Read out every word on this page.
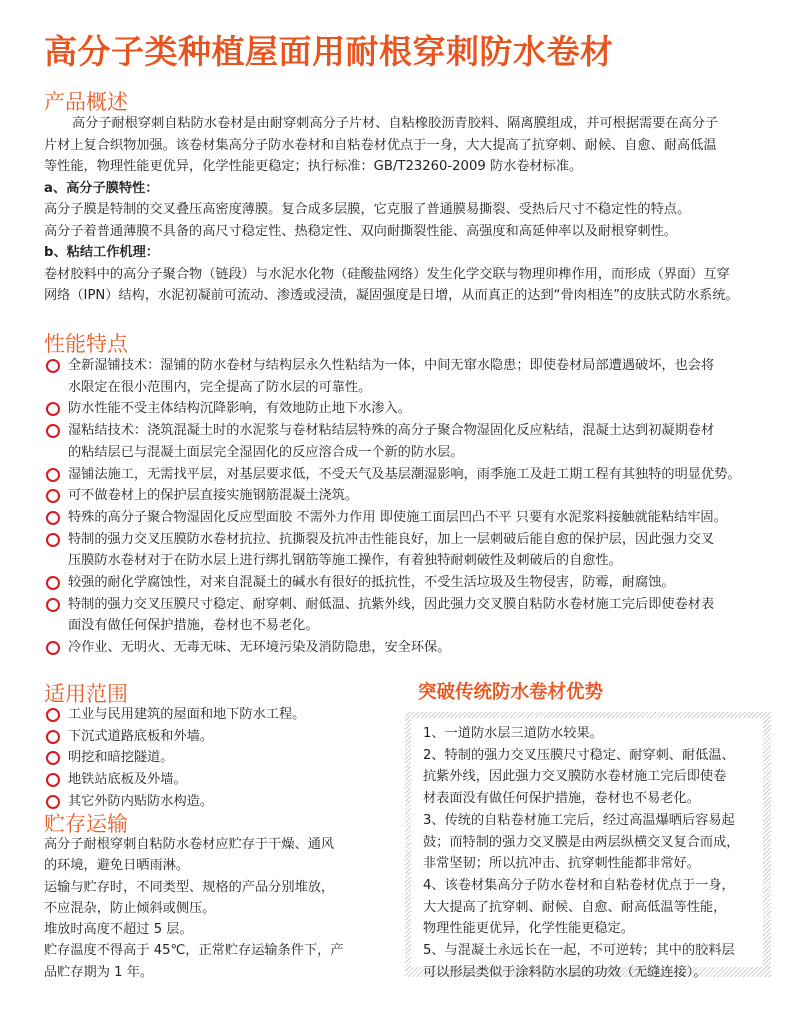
高分子类种植屋面用耐根穿刺防水卷材
产品概述

高分子耐根穿刺自粘防水卷材是由耐穿刺高分子片材、自粘橡胶沥青胶料、隔离膜组成，并可根据需要在高分子

片材上复合织物加强。该卷材集高分子防水卷材和自粘卷材优点于一身，大大提高了抗穿刺、耐候、自愈、耐高低温

等性能，物理性能更优异，化学性能更稳定；执行标准：GB/T23260-2009 防水卷材标准。

a、高分子膜特性：

高分子膜是特制的交叉叠压高密度薄膜。复合成多层膜，它克服了普通膜易撕裂、受热后尺寸不稳定性的特点。

高分子着普通薄膜不具备的高尺寸稳定性、热稳定性、双向耐撕裂性能、高强度和高延伸率以及耐根穿刺性。

b、粘结工作机理：

卷材胶料中的高分子聚合物（链段）与水泥水化物（硅酸盐网络）发生化学交联与物理卯榫作用，而形成（界面）互穿

网络（IPN）结构，水泥初凝前可流动、渗透或浸渍，凝固强度是日增，从而真正的达到“骨肉相连”的皮肤式防水系统。

性能特点
全新湿铺技术：湿铺的防水卷材与结构层永久性粘结为一体，中间无窜水隐患；即使卷材局部遭遇破坏，也会将
水限定在很小范围内，完全提高了防水层的可靠性。
防水性能不受主体结构沉降影响，有效地防止地下水渗入。
湿粘结技术：浇筑混凝土时的水泥浆与卷材粘结层特殊的高分子聚合物湿固化反应粘结，混凝土达到初凝期卷材
的粘结层已与混凝土面层完全湿固化的反应溶合成一个新的防水层。
湿铺法施工，无需找平层，对基层要求低，不受天气及基层潮湿影响，雨季施工及赶工期工程有其独特的明显优势。
可不做卷材上的保护层直接实施钢筋混凝土浇筑。
特殊的高分子聚合物湿固化反应型面胶 不需外力作用 即使施工面层凹凸不平 只要有水泥浆料接触就能粘结牢固。
特制的强力交叉压膜防水卷材抗拉、抗撕裂及抗冲击性能良好，加上一层刺破后能自愈的保护层，因此强力交叉
压膜防水卷材对于在防水层上进行绑扎钢筋等施工操作，有着独特耐刺破性及刺破后的自愈性。
较强的耐化学腐蚀性，对来自混凝土的碱水有很好的抵抗性，不受生活垃圾及生物侵害，防霉，耐腐蚀。
特制的强力交叉压膜尺寸稳定、耐穿刺、耐低温、抗紫外线，因此强力交叉膜自粘防水卷材施工完后即使卷材表
面没有做任何保护措施，卷材也不易老化。
冷作业、无明火、无毒无味、无环境污染及消防隐患，安全环保。
适用范围
工业与民用建筑的屋面和地下防水工程。
下沉式道路底板和外墙。
明挖和暗挖隧道。
地铁站底板及外墙。
其它外防内贴防水构造。
贮存运输

高分子耐根穿刺自粘防水卷材应贮存于干燥、通风

的环境，避免日晒雨淋。

运输与贮存时，不同类型、规格的产品分别堆放，

不应混杂，防止倾斜或侧压。

堆放时高度不超过 5 层。

贮存温度不得高于 45℃，正常贮存运输条件下，产

品贮存期为 1 年。

突破传统防水卷材优势

1、一道防水层三道防水较果。

2、特制的强力交叉压膜尺寸稳定、耐穿刺、耐低温、

抗紫外线，因此强力交叉膜防水卷材施工完后即使卷

材表面没有做任何保护措施，卷材也不易老化。

3、传统的自粘卷材施工完后，经过高温爆晒后容易起

鼓；而特制的强力交叉膜是由两层纵横交叉复合而成，

非常坚韧；所以抗冲击、抗穿刺性能都非常好。

4、该卷材集高分子防水卷材和自粘卷材优点于一身，

大大提高了抗穿刺、耐候、自愈、耐高低温等性能，

物理性能更优异，化学性能更稳定。

5、与混凝土永远长在一起，不可逆转；其中的胶料层

可以形层类似于涂料防水层的功效（无缝连接）。
